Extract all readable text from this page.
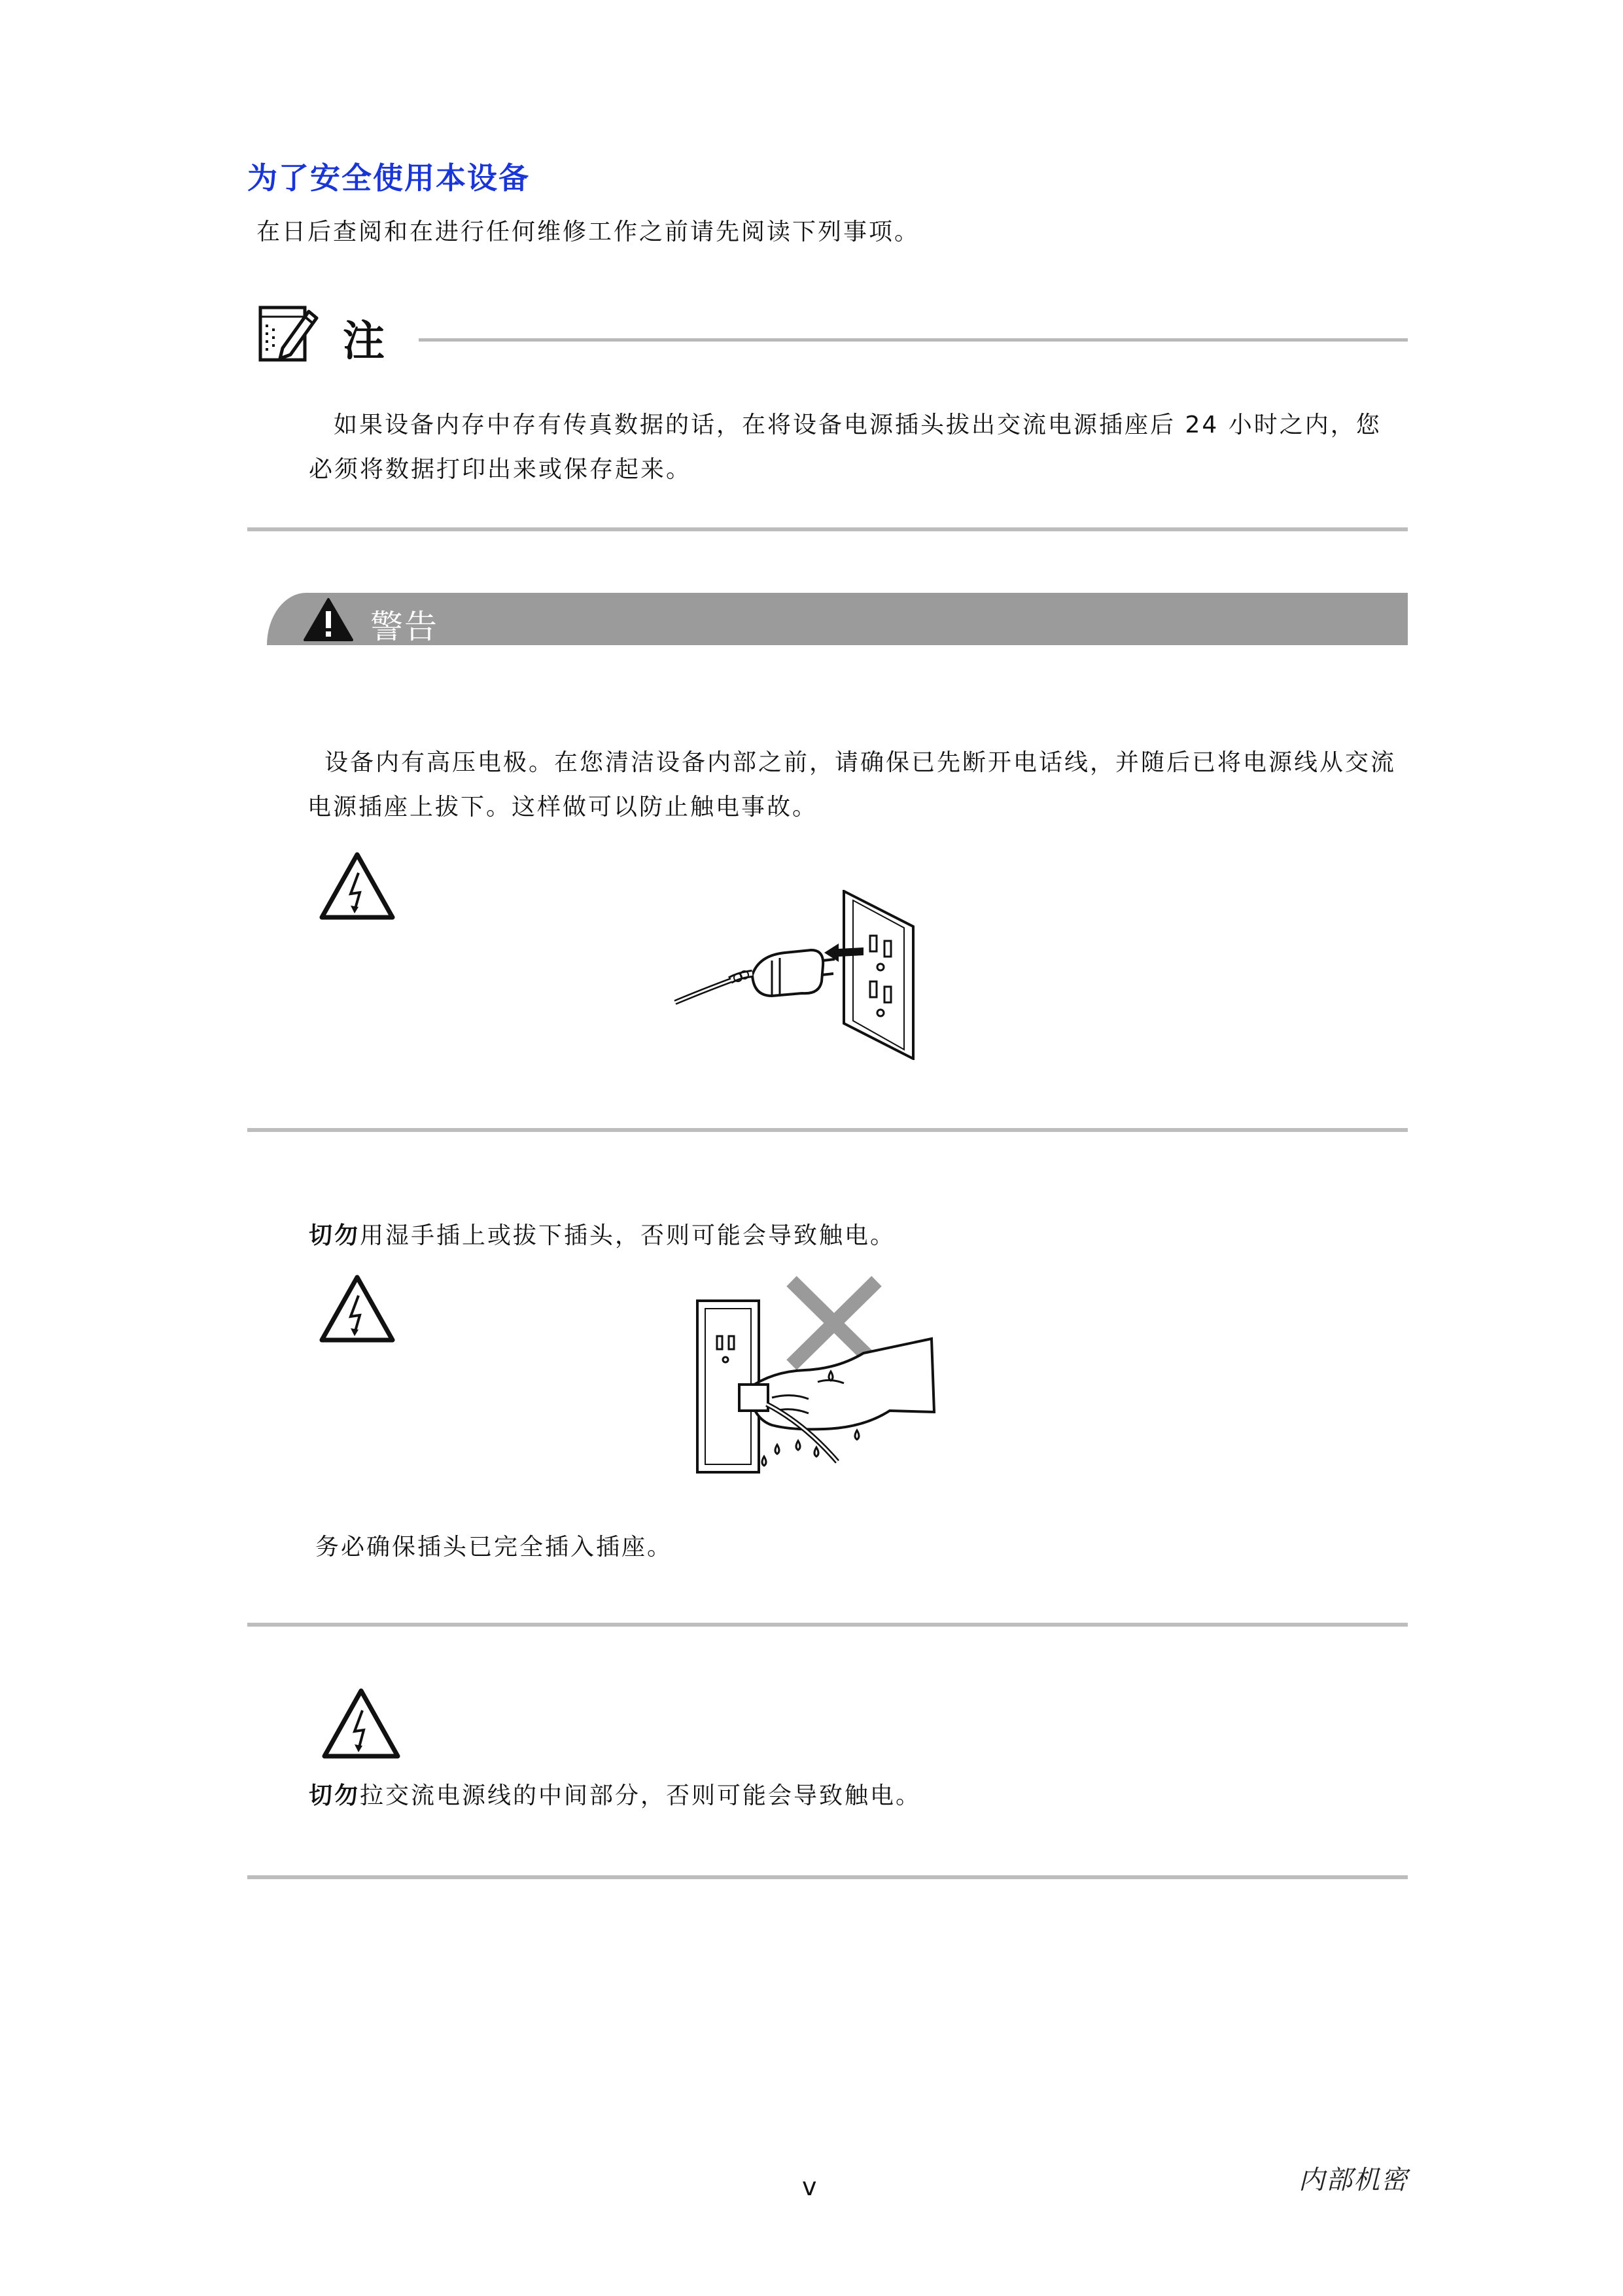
为了安全使用本设备
在日后查阅和在进行任何维修工作之前请先阅读下列事项。
注
如果设备内存中存有传真数据的话，在将设备电源插头拔出交流电源插座后 24 小时之内，您必须将数据打印出来或保存起来。
警告
设备内有高压电极。在您清洁设备内部之前，请确保已先断开电话线，并随后已将电源线从交流电源插座上拔下。这样做可以防止触电事故。
切勿用湿手插上或拔下插头，否则可能会导致触电。
务必确保插头已完全插入插座。
切勿拉交流电源线的中间部分，否则可能会导致触电。
v	内部机密
